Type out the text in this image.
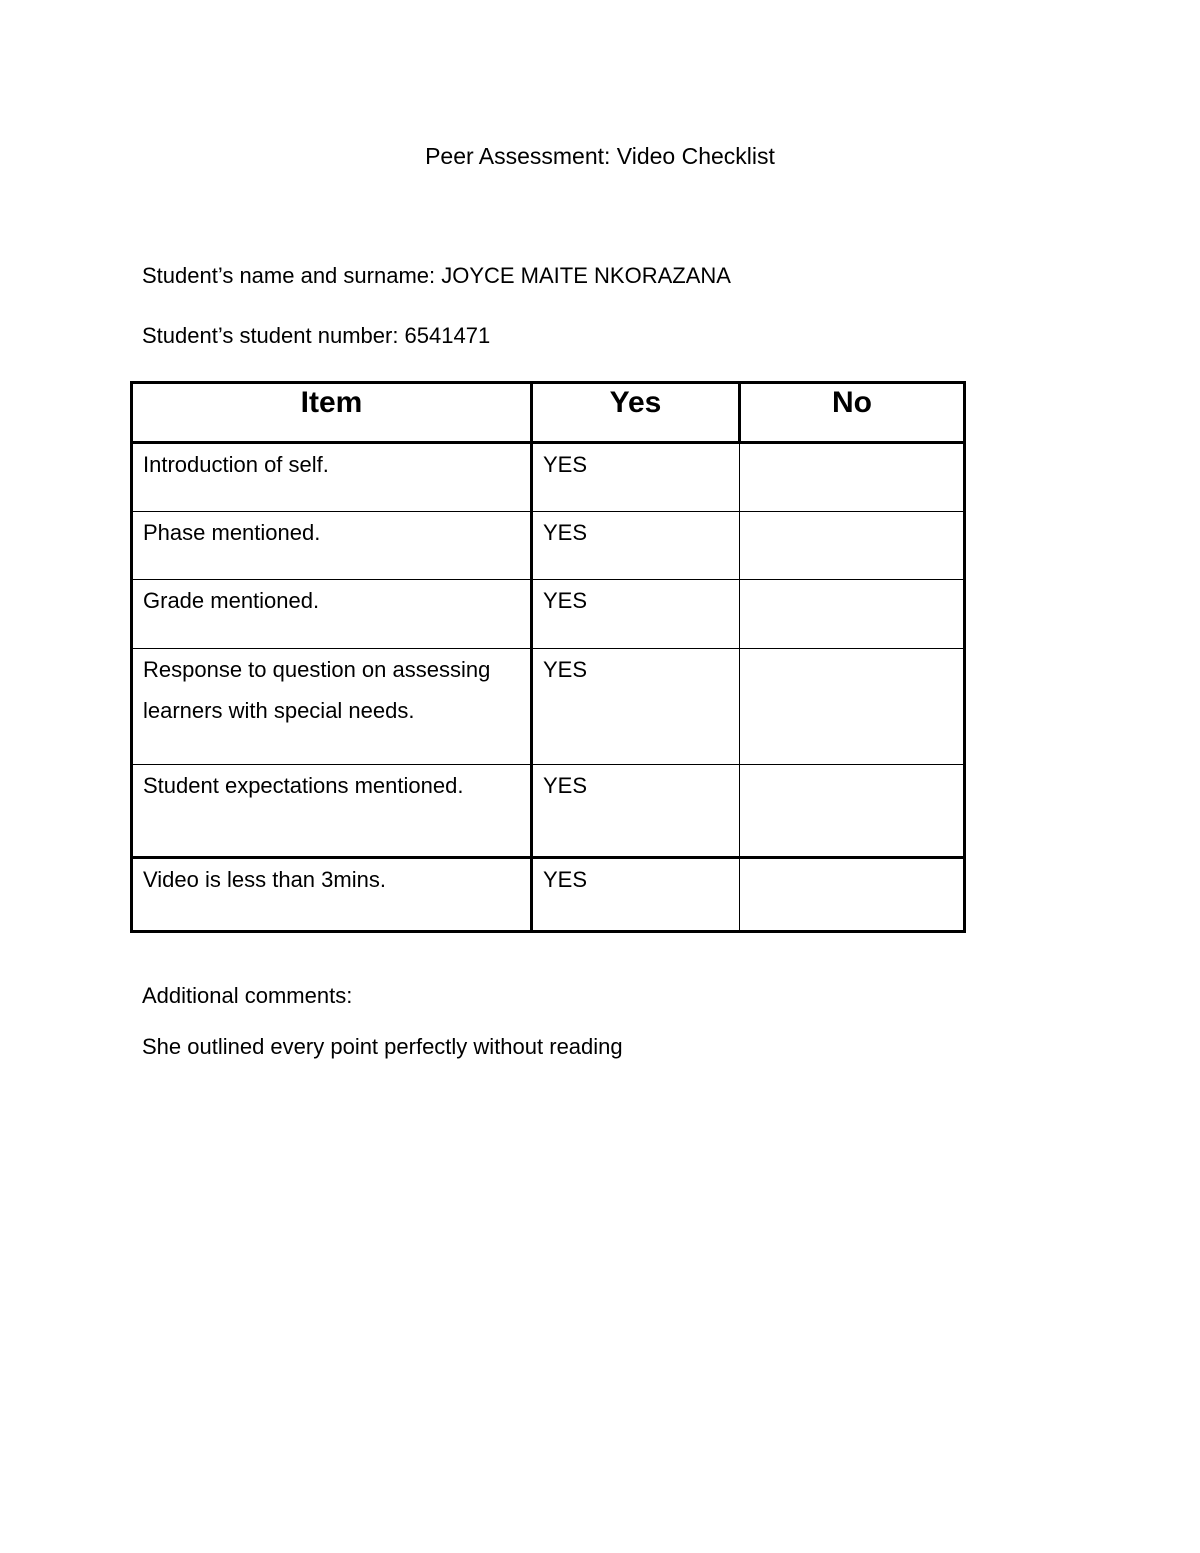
Peer Assessment: Video Checklist
Student’s name and surname: JOYCE MAITE NKORAZANA
Student’s student number: 6541471
Item	Yes	No
Introduction of self.	YES	
Phase mentioned.	YES	
Grade mentioned.	YES	
Response to question on assessing learners with special needs.	YES	
Student expectations mentioned.	YES	
Video is less than 3mins.	YES	
Additional comments:
She outlined every point perfectly without reading
